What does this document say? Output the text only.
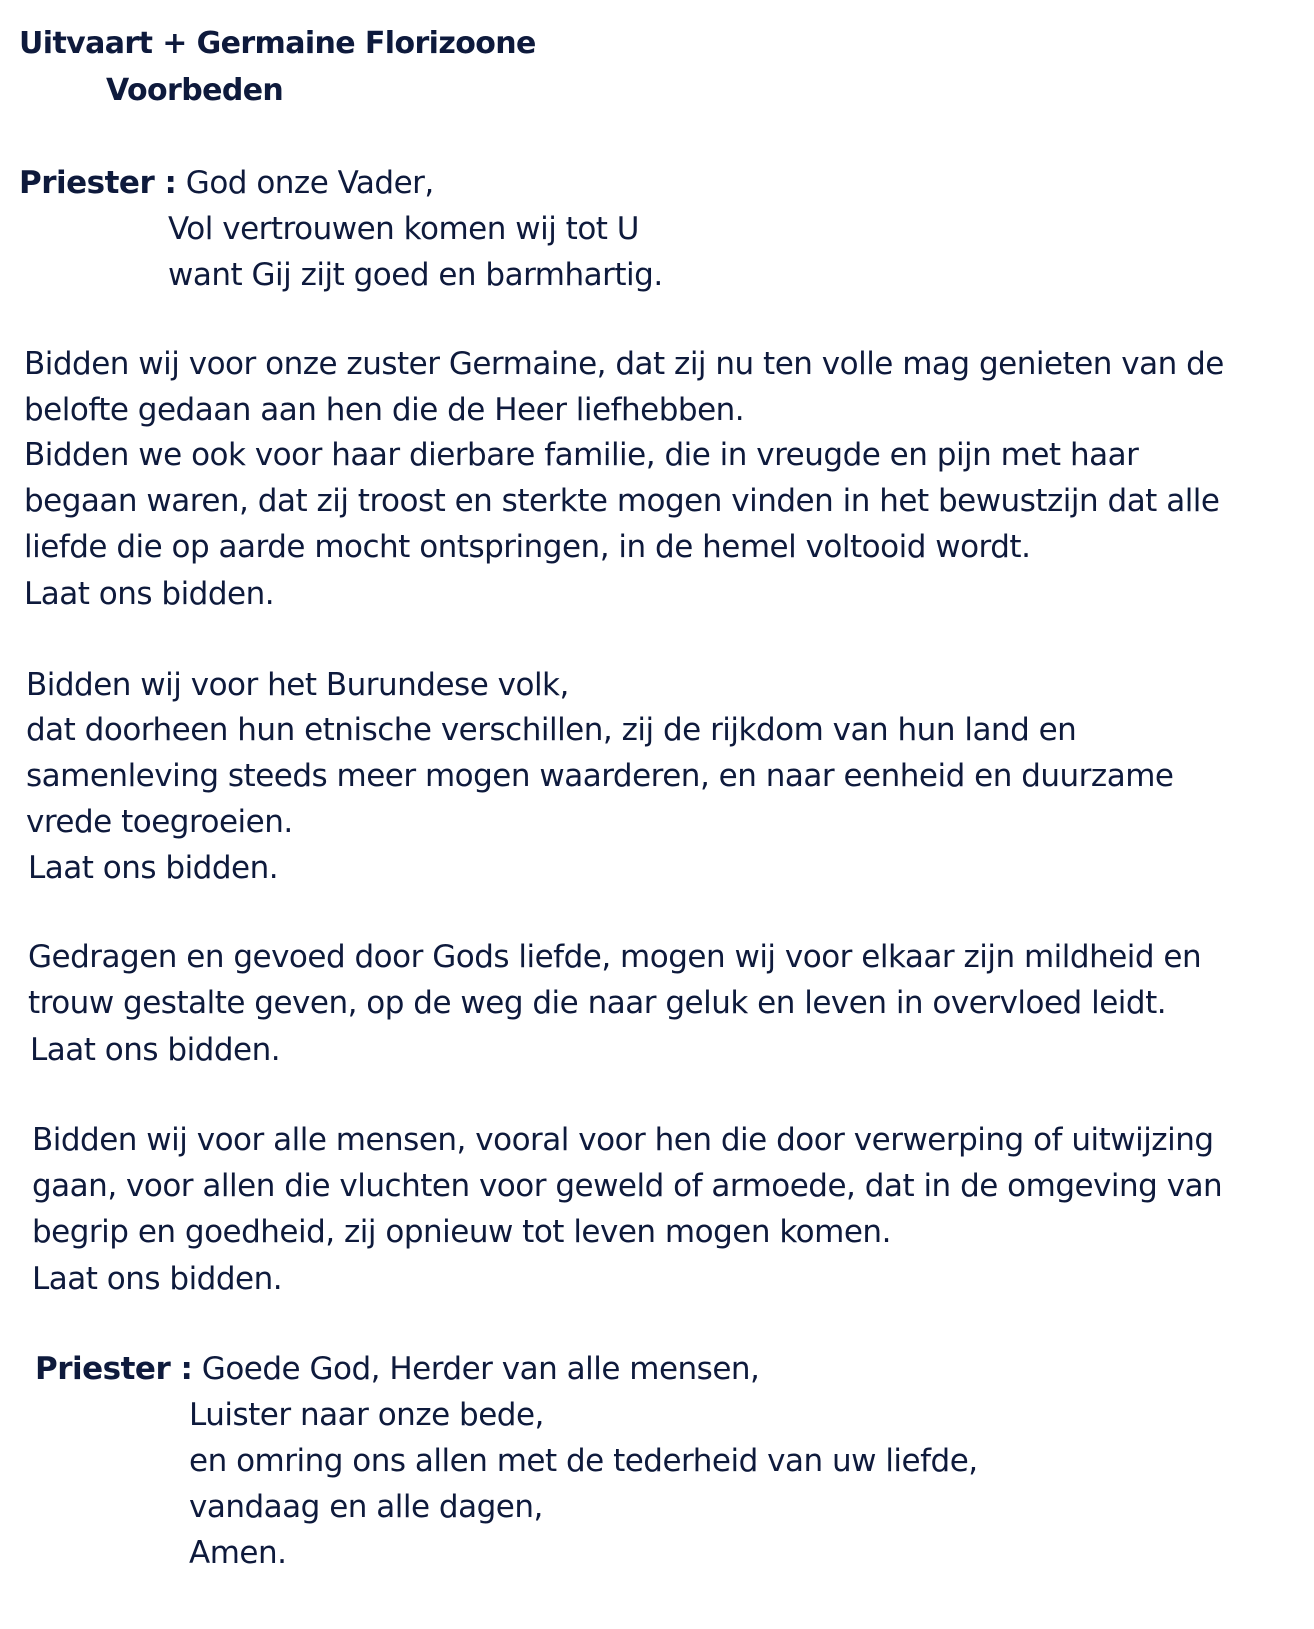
Uitvaart + Germaine Florizoone
Voorbeden
Priester : God onze Vader,
Vol vertrouwen komen wij tot U
want Gij zijt goed en barmhartig.
Bidden wij voor onze zuster Germaine, dat zij nu ten volle mag genieten van de
belofte gedaan aan hen die de Heer liefhebben.
Bidden we ook voor haar dierbare familie, die in vreugde en pijn met haar
begaan waren, dat zij troost en sterkte mogen vinden in het bewustzijn dat alle
liefde die op aarde mocht ontspringen, in de hemel voltooid wordt.
Laat ons bidden.
Bidden wij voor het Burundese volk,
dat doorheen hun etnische verschillen, zij de rijkdom van hun land en
samenleving steeds meer mogen waarderen, en naar eenheid en duurzame
vrede toegroeien.
Laat ons bidden.
Gedragen en gevoed door Gods liefde, mogen wij voor elkaar zijn mildheid en
trouw gestalte geven, op de weg die naar geluk en leven in overvloed leidt.
Laat ons bidden.
Bidden wij voor alle mensen, vooral voor hen die door verwerping of uitwijzing
gaan, voor allen die vluchten voor geweld of armoede, dat in de omgeving van
begrip en goedheid, zij opnieuw tot leven mogen komen.
Laat ons bidden.
Priester : Goede God, Herder van alle mensen,
Luister naar onze bede,
en omring ons allen met de tederheid van uw liefde,
vandaag en alle dagen,
Amen.
